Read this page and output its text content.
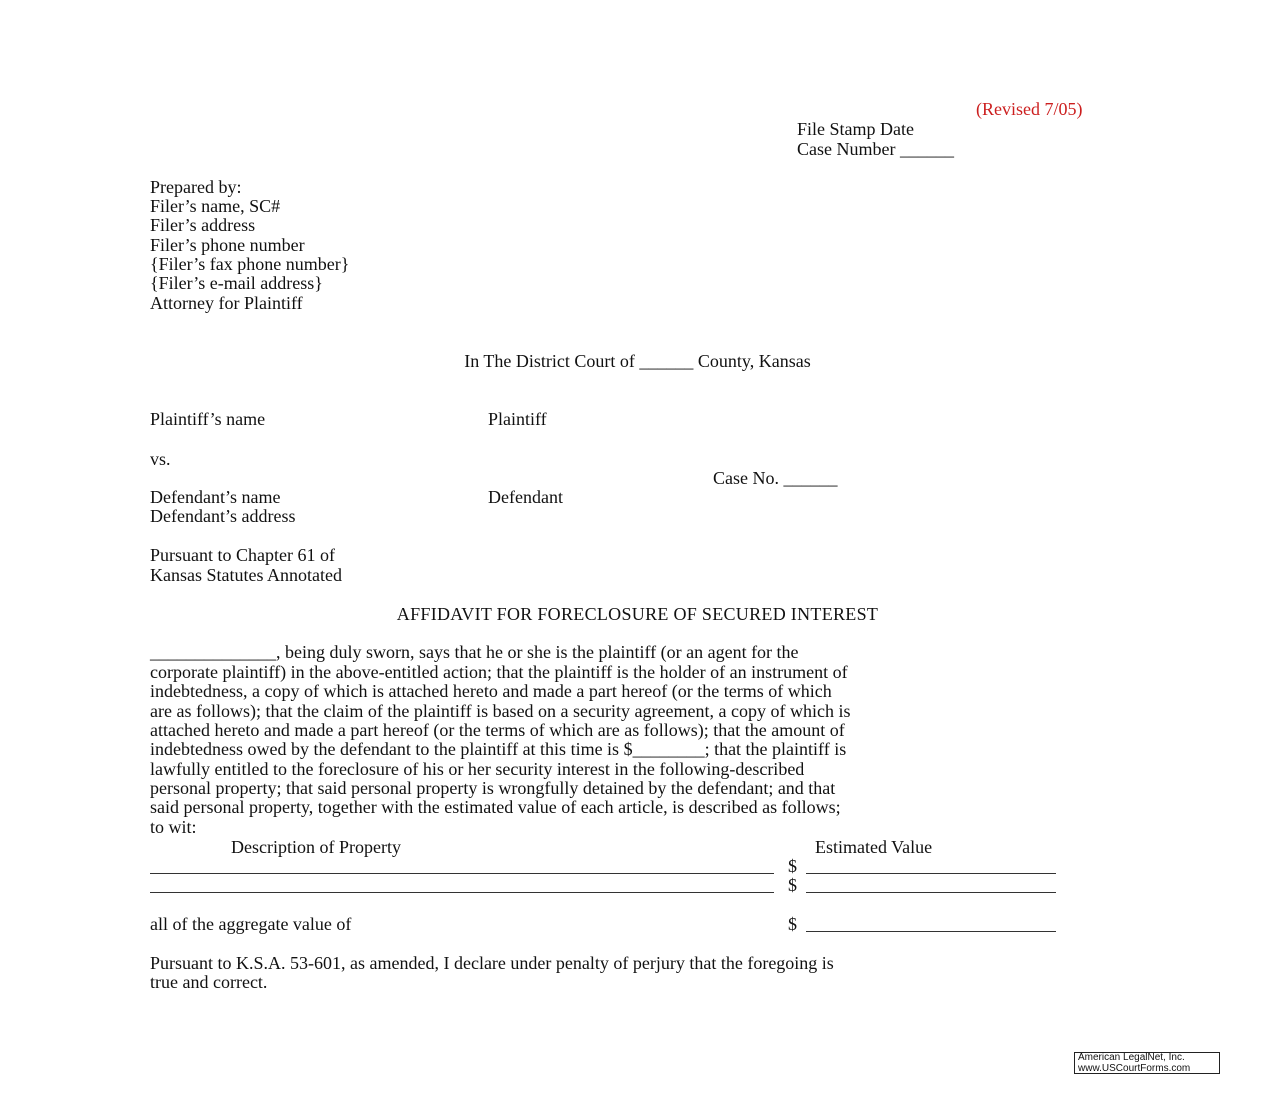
(Revised 7/05)
File Stamp Date
Case Number ______
Prepared by:
Filer’s name, SC#
Filer’s address
Filer’s phone number
{Filer’s fax phone number}
{Filer’s e-mail address}
Attorney for Plaintiff
In The District Court of ______ County, Kansas
Plaintiff’s name	Plaintiff
vs.
Case No. ______
Defendant’s name	Defendant
Defendant’s address
Pursuant to Chapter 61 of
Kansas Statutes Annotated
AFFIDAVIT FOR FORECLOSURE OF SECURED INTEREST
______________, being duly sworn, says that he or she is the plaintiff (or an agent for the
corporate plaintiff) in the above-entitled action; that the plaintiff is the holder of an instrument of
indebtedness, a copy of which is attached hereto and made a part hereof (or the terms of which
are as follows); that the claim of the plaintiff is based on a security agreement, a copy of which is
attached hereto and made a part hereof (or the terms of which are as follows); that the amount of
indebtedness owed by the defendant to the plaintiff at this time is $________; that the plaintiff is
lawfully entitled to the foreclosure of his or her security interest in the following-described
personal property; that said personal property is wrongfully detained by the defendant; and that
said personal property, together with the estimated value of each article, is described as follows;
to wit:
Description of Property	Estimated Value
$
$
all of the aggregate value of	$
Pursuant to K.S.A. 53-601, as amended, I declare under penalty of perjury that the foregoing is
true and correct.
American LegalNet, Inc.
www.USCourtForms.com
